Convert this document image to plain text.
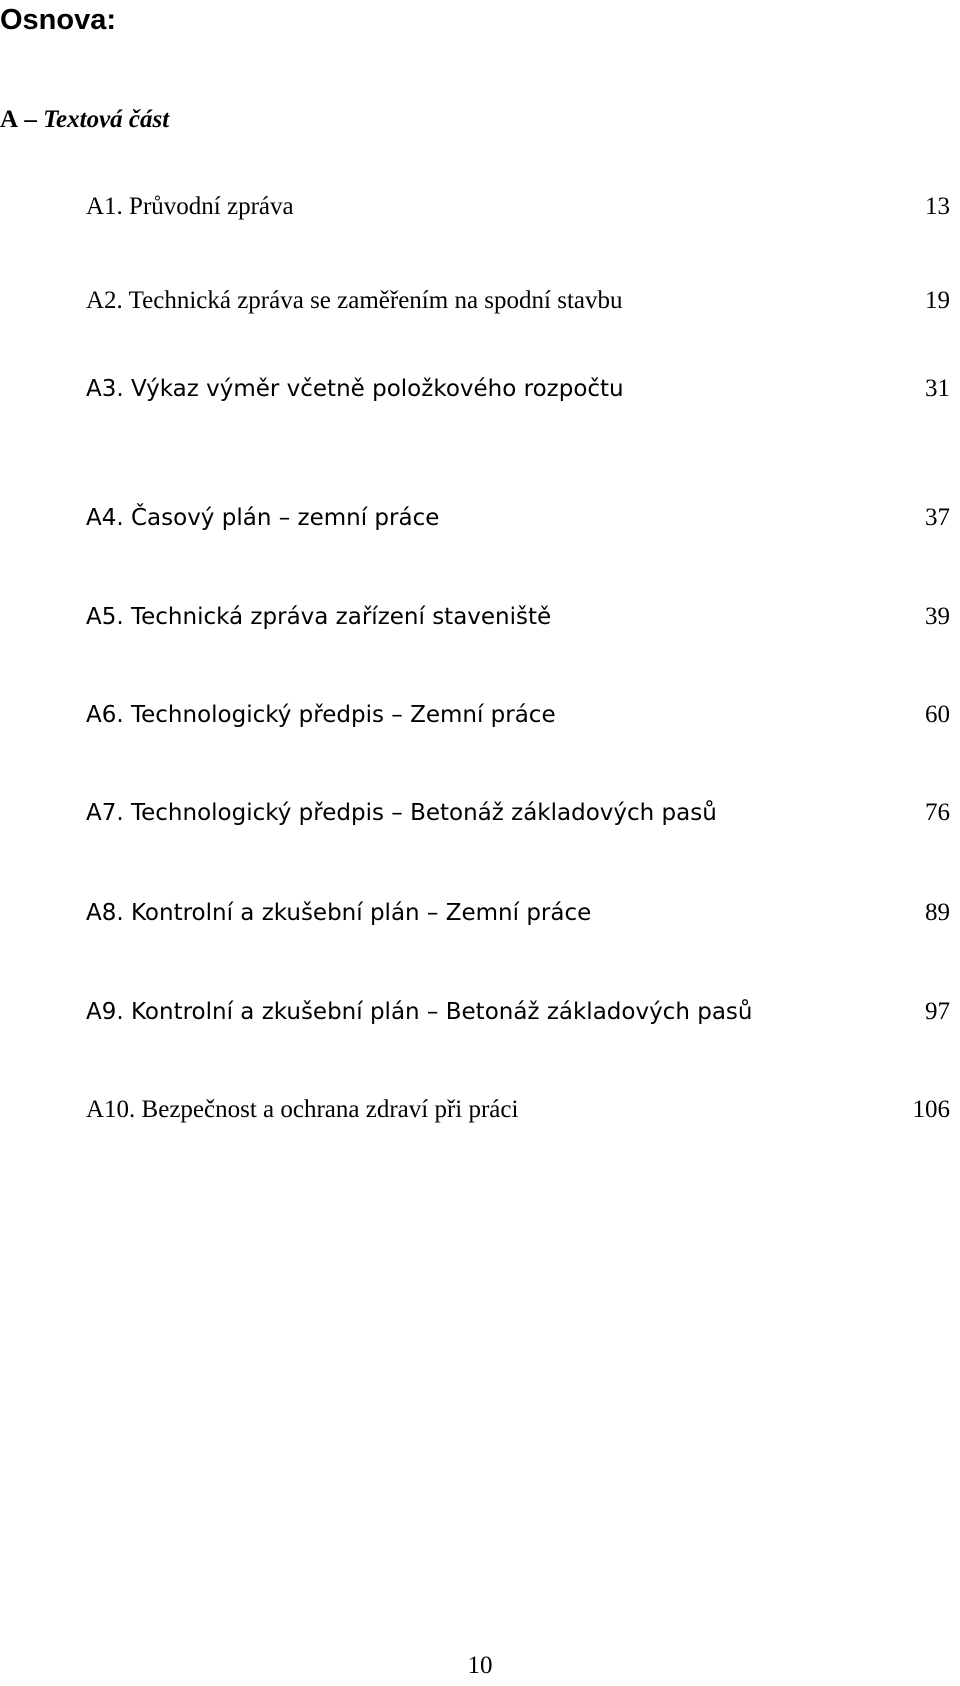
Osnova:
A – Textová část
A1. Průvodní zpráva	13
A2. Technická zpráva se zaměřením na spodní stavbu	19
A3. Výkaz výměr včetně položkového rozpočtu	31
A4. Časový plán – zemní práce	37
A5. Technická zpráva zařízení staveniště	39
A6. Technologický předpis – Zemní práce	60
A7. Technologický předpis – Betonáž základových pasů	76
A8. Kontrolní a zkušební plán – Zemní práce	89
A9. Kontrolní a zkušební plán – Betonáž základových pasů	97
A10. Bezpečnost a ochrana zdraví při práci	106
10
